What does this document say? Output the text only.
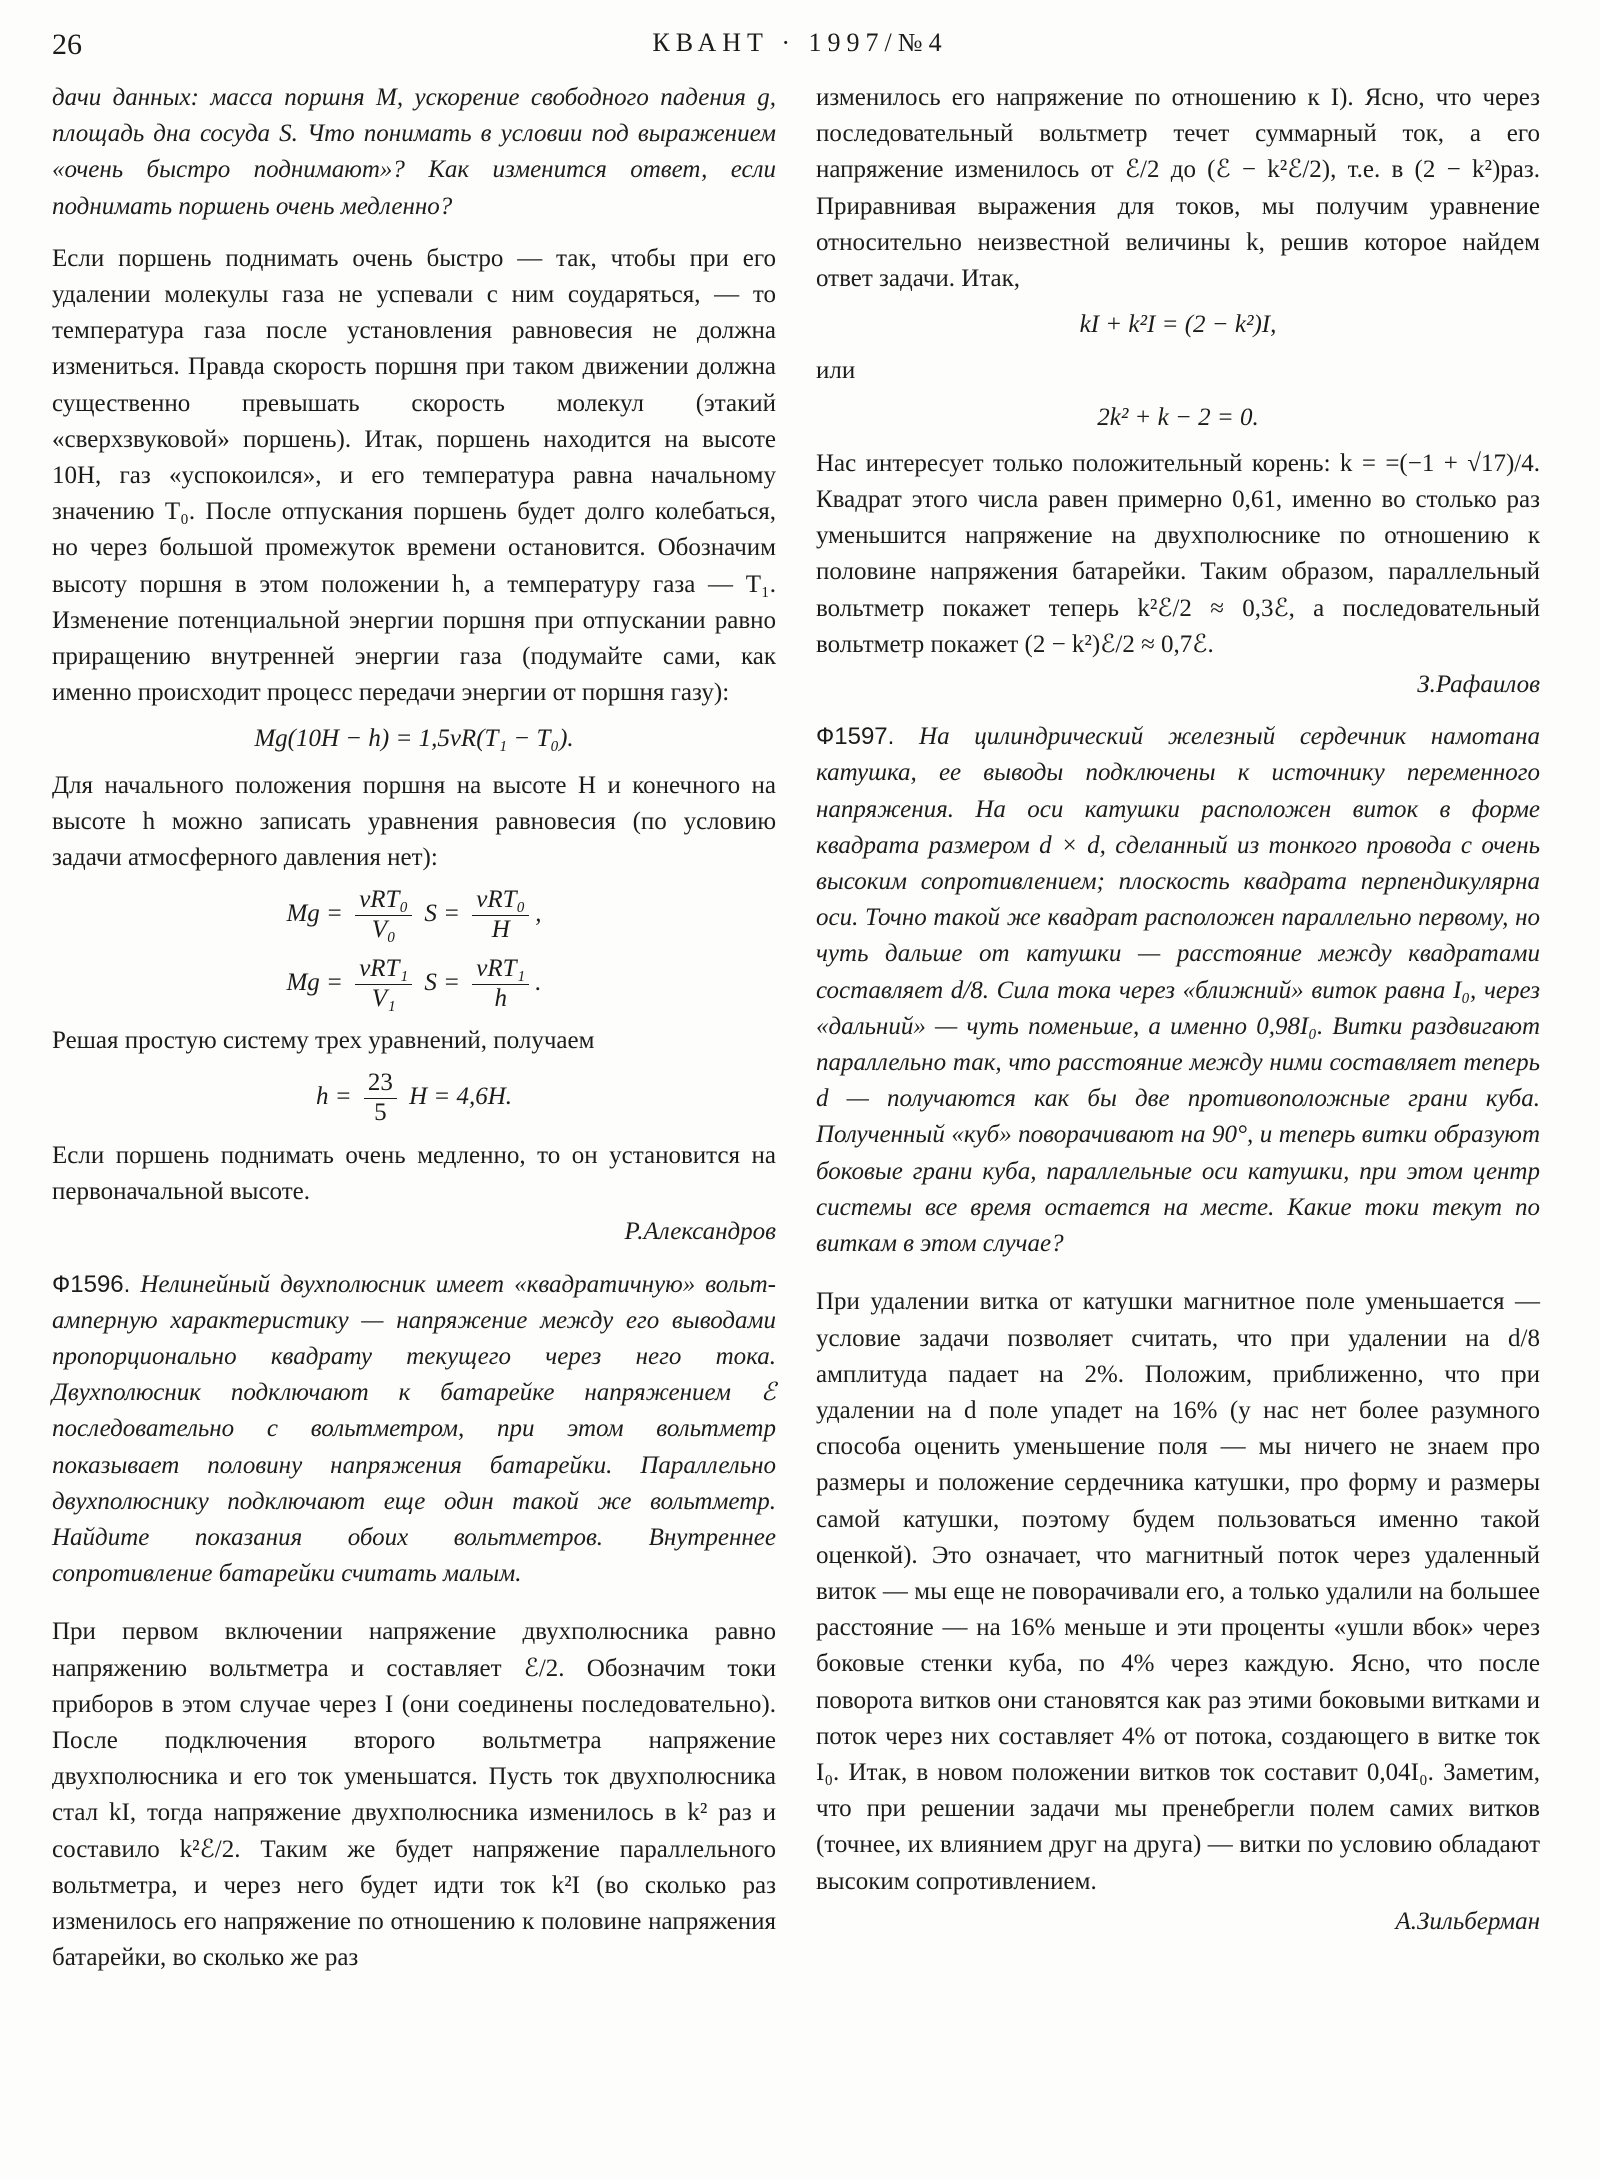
26	КВАНТ · 1997/№4

дачи данных: масса поршня M, ускорение свободного падения g, площадь дна сосуда S. Что понимать в условии под выражением «очень быстро поднимают»? Как изменится ответ, если поднимать поршень очень медленно?

Если поршень поднимать очень быстро — так, чтобы при его удалении молекулы газа не успевали с ним соударяться, — то температура газа после установления равновесия не должна измениться. Правда скорость поршня при таком движении должна существенно превышать скорость молекул (этакий «сверхзвуковой» поршень). Итак, поршень находится на высоте 10H, газ «успокоился», и его температура равна начальному значению T₀. После отпускания поршень будет долго колебаться, но через большой промежуток времени остановится. Обозначим высоту поршня в этом положении h, а температуру газа — T₁. Изменение потенциальной энергии поршня при отпускании равно приращению внутренней энергии газа (подумайте сами, как именно происходит процесс передачи энергии от поршня газу):

Mg(10H − h) = 1,5νR(T₁ − T₀).

Для начального положения поршня на высоте H и конечного на высоте h можно записать уравнения равновесия (по условию задачи атмосферного давления нет):

$Mg = \frac{\text{νRT₀}}{\text{V₀}}$ $S = \frac{\text{νRT₀}}{H}$ ,

$Mg = \frac{\text{νRT₁}}{\text{V₁}}$ $S = \frac{\text{νRT₁}}{h}$ .

Решая простую систему трех уравнений, получаем

$h = \frac{23}{5}$ H = 4,6H.

Если поршень поднимать очень медленно, то он установится на первоначальной высоте.

Р.Александров

Ф1596. Нелинейный двухполюсник имеет «квадратичную» вольт-амперную характеристику — напряжение между его выводами пропорционально квадрату текущего через него тока. Двухполюсник подключают к батарейке напряжением ℰ последовательно с вольтметром, при этом вольтметр показывает половину напряжения батарейки. Параллельно двухполюснику подключают еще один такой же вольтметр. Найдите показания обоих вольтметров. Внутреннее сопротивление батарейки считать малым.

При первом включении напряжение двухполюсника равно напряжению вольтметра и составляет ℰ/2. Обозначим токи приборов в этом случае через I (они соединены последовательно). После подключения второго вольтметра напряжение двухполюсника и его ток уменьшатся. Пусть ток двухполюсника стал kI, тогда напряжение двухполюсника изменилось в k² раз и составило k²ℰ/2. Таким же будет напряжение параллельного вольтметра, и через него будет идти ток k²I (во сколько раз изменилось его напряжение по отношению к половине напряжения батарейки, во сколько же раз

изменилось его напряжение по отношению к I). Ясно, что через последовательный вольтметр течет суммарный ток, а его напряжение изменилось от ℰ/2 до (ℰ − k²ℰ/2), т.е. в (2 − k²)раз. Приравнивая выражения для токов, мы получим уравнение относительно неизвестной величины k, решив которое найдем ответ задачи. Итак,

kI + k²I = (2 − k²)I,

или

2k² + k − 2 = 0.

Нас интересует только положительный корень: k = =(−1 + √17)/4. Квадрат этого числа равен примерно 0,61, именно во столько раз уменьшится напряжение на двухполюснике по отношению к половине напряжения батарейки. Таким образом, параллельный вольтметр покажет теперь k²ℰ/2 ≈ 0,3ℰ, а последовательный вольтметр покажет (2 − k²)ℰ/2 ≈ 0,7ℰ.

З.Рафаилов

Ф1597. На цилиндрический железный сердечник намотана катушка, ее выводы подключены к источнику переменного напряжения. На оси катушки расположен виток в форме квадрата размером d × d, сделанный из тонкого провода с очень высоким сопротивлением; плоскость квадрата перпендикулярна оси. Точно такой же квадрат расположен параллельно первому, но чуть дальше от катушки — расстояние между квадратами составляет d/8. Сила тока через «ближний» виток равна I₀, через «дальний» — чуть поменьше, а именно 0,98I₀. Витки раздвигают параллельно так, что расстояние между ними составляет теперь d — получаются как бы две противоположные грани куба. Полученный «куб» поворачивают на 90°, и теперь витки образуют боковые грани куба, параллельные оси катушки, при этом центр системы все время остается на месте. Какие токи текут по виткам в этом случае?

При удалении витка от катушки магнитное поле уменьшается — условие задачи позволяет считать, что при удалении на d/8 амплитуда падает на 2%. Положим, приближенно, что при удалении на d поле упадет на 16% (у нас нет более разумного способа оценить уменьшение поля — мы ничего не знаем про размеры и положение сердечника катушки, про форму и размеры самой катушки, поэтому будем пользоваться именно такой оценкой). Это означает, что магнитный поток через удаленный виток — мы еще не поворачивали его, а только удалили на большее расстояние — на 16% меньше и эти проценты «ушли вбок» через боковые стенки куба, по 4% через каждую. Ясно, что после поворота витков они становятся как раз этими боковыми витками и поток через них составляет 4% от потока, создающего в витке ток I₀. Итак, в новом положении витков ток составит 0,04I₀. Заметим, что при решении задачи мы пренебрегли полем самих витков (точнее, их влиянием друг на друга) — витки по условию обладают высоким сопротивлением.

А.Зильберман
